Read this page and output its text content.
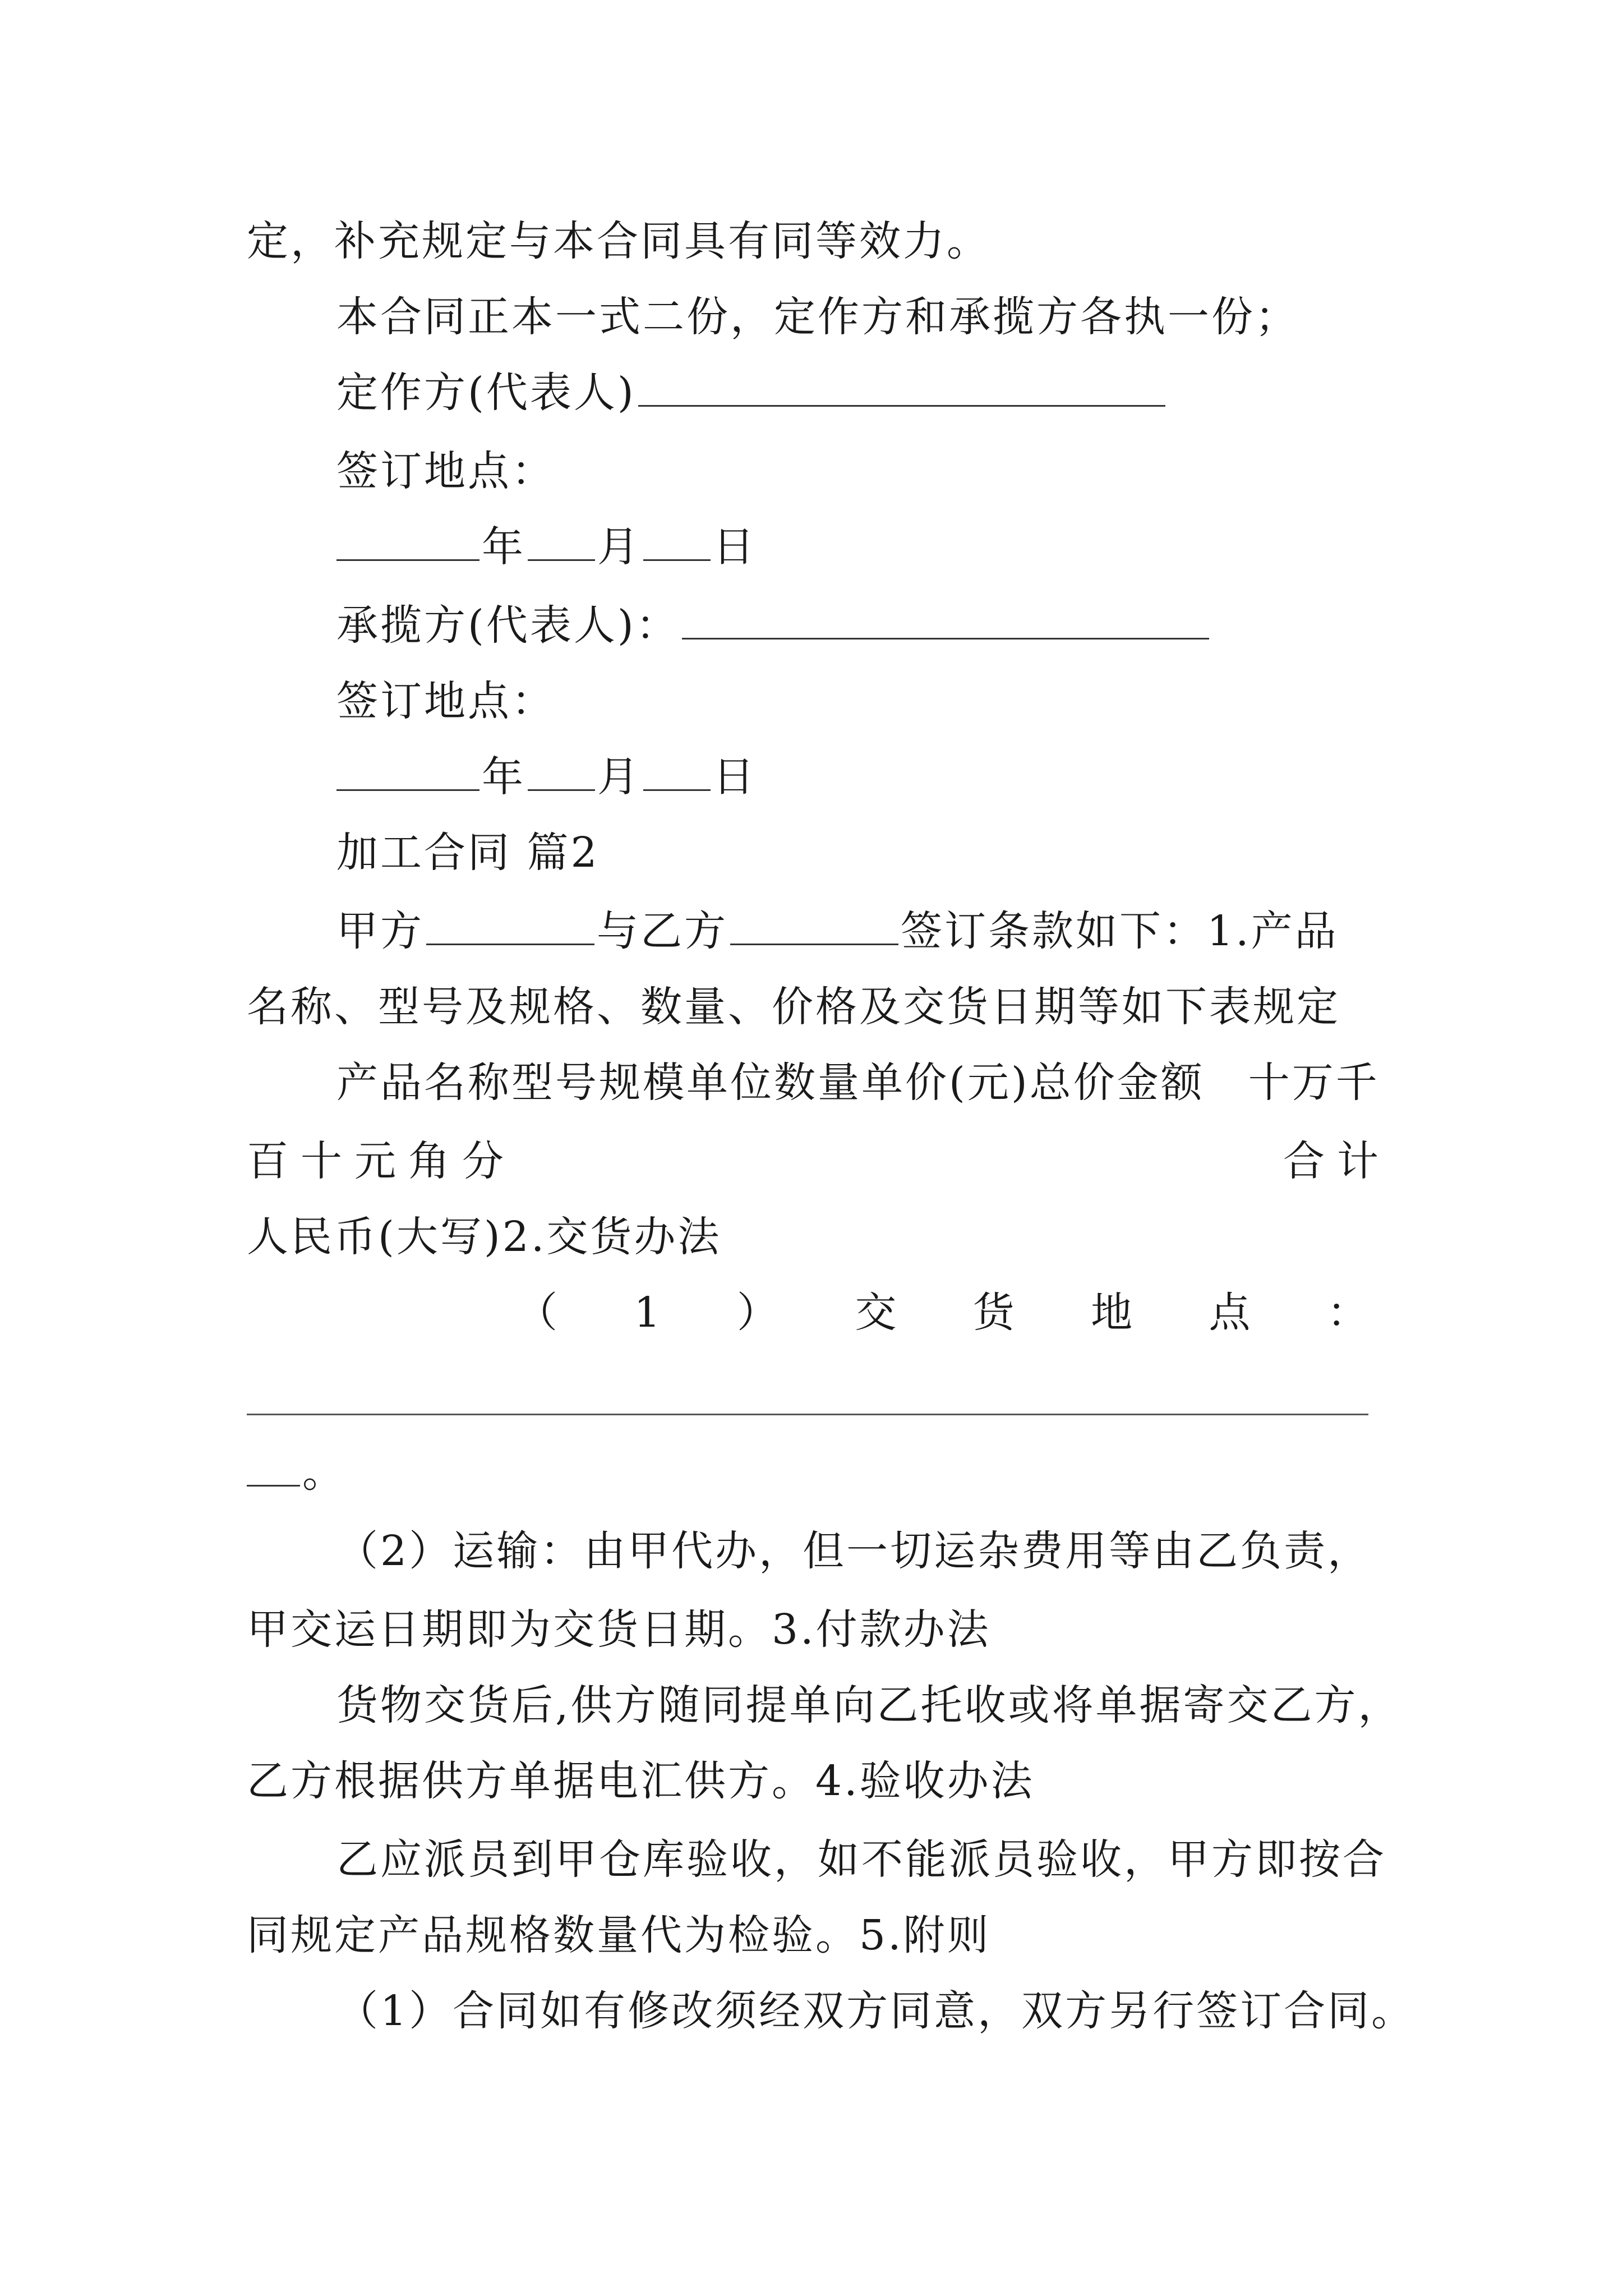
定，补充规定与本合同具有同等效力。
本合同正本一式二份，定作方和承揽方各执一份；
定作方(代表人)
签订地点：
年 月 日
承揽方(代表人)：
签订地点：
年 月 日
加工合同 篇2
甲方	与乙方	签订条款如下：1.产品
名称、型号及规格、数量、价格及交货日期等如下表规定
产品名称型号规模单位数量单价(元)总价金额　十万千
百十元角分	合计
人民币(大写)2.交货办法
（ 1 ） 交 货 地 点 ：
。
（2）运输：由甲代办，但一切运杂费用等由乙负责，
甲交运日期即为交货日期。3.付款办法
货物交货后,供方随同提单向乙托收或将单据寄交乙方，
乙方根据供方单据电汇供方。4.验收办法
乙应派员到甲仓库验收，如不能派员验收，甲方即按合
同规定产品规格数量代为检验。5.附则
（1）合同如有修改须经双方同意，双方另行签订合同。
